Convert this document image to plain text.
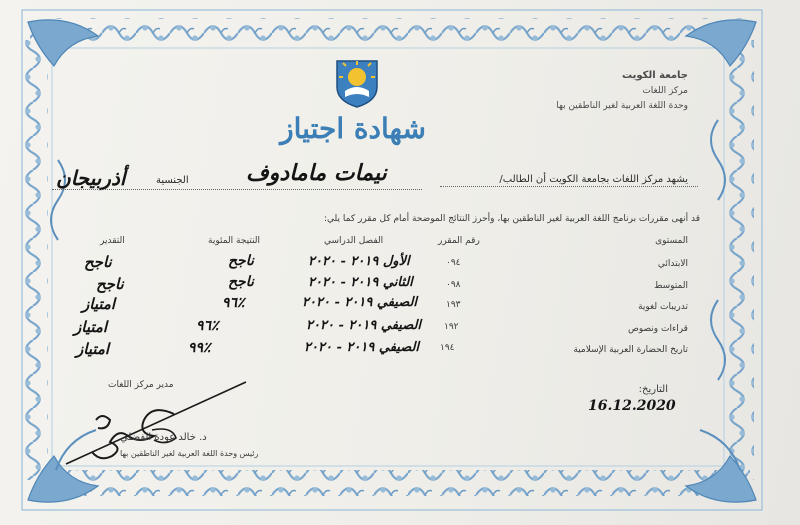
جامعة الكويت
مركز اللغات
وحدة اللغة العربية لغير الناطقين بها
شهادة اجتياز
يشهد مركز اللغات بجامعة الكويت أن الطالب/
نيمات مامادوف
الجنسية
أذربيجان
قد أنهى مقررات برنامج اللغة العربية لغير الناطقين بها، وأحرز النتائج الموضحة أمام كل مقرر كما يلي:
المستوى
رقم المقرر
الفصل الدراسي
النتيجة المئوية
التقدير
الابتدائي
٠٩٤
الأول ٢٠١٩ - ٢٠٢٠
ناجح
ناجح
المتوسط
٠٩٨
الثاني ٢٠١٩ - ٢٠٢٠
ناجح
ناجح
تدريبات لغوية
١٩٣
الصيفي ٢٠١٩ - ٢٠٢٠
٩٦٪
امتياز
قراءات ونصوص
١٩٢
الصيفي ٢٠١٩ - ٢٠٢٠
٩٦٪
امتياز
تاريخ الحضارة العربية الإسلامية
١٩٤
الصيفي ٢٠١٩ - ٢٠٢٠
٩٩٪
امتياز
التاريخ:
16.12.2020
مدير مركز اللغات
د. خالد عودة الفضلي
رئيس وحدة اللغة العربية لغير الناطقين بها
